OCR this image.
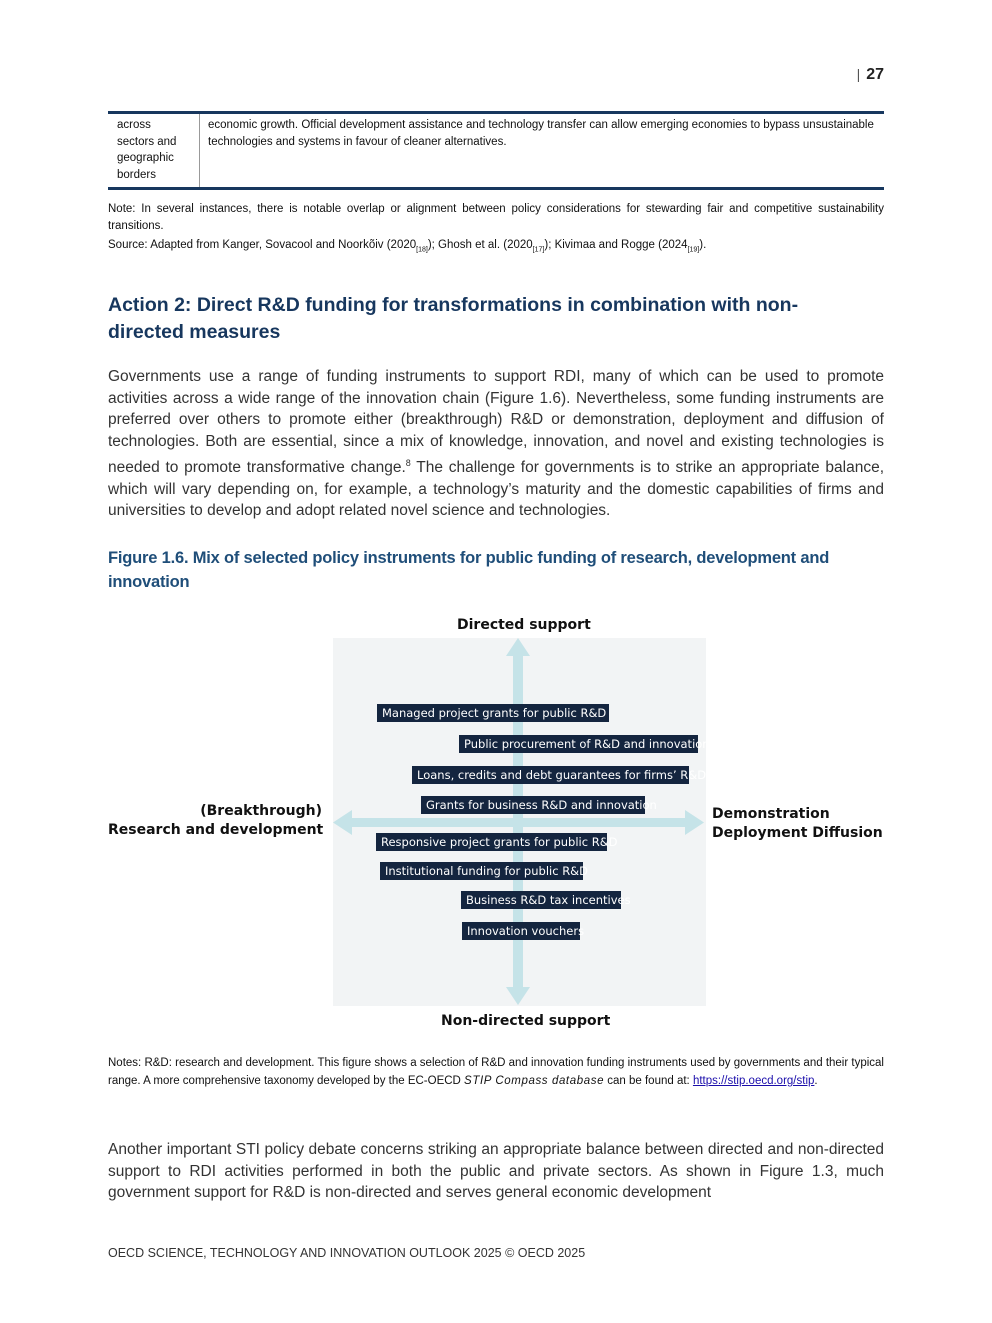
| 27
across
sectors and
geographic
borders
economic growth. Official development assistance and technology transfer can allow emerging economies to bypass unsustainable technologies and systems in favour of cleaner alternatives.
Note: In several instances, there is notable overlap or alignment between policy considerations for stewarding fair and competitive sustainability transitions.
Source: Adapted from Kanger, Sovacool and Noorkõiv $(2020_{[18]})$; Ghosh et al. $(2020_{[17]})$; Kivimaa and Rogge $(2024_{[19]})$.
Action 2: Direct R&D funding for transformations in combination with non-directed measures

Governments use a range of funding instruments to support RDI, many of which can be used to promote activities across a wide range of the innovation chain (Figure 1.6). Nevertheless, some funding instruments are preferred over others to promote either (breakthrough) R&D or demonstration, deployment and diffusion of technologies. Both are essential, since a mix of knowledge, innovation, and novel and existing technologies is needed to promote transformative change.$^8$ The challenge for governments is to strike an appropriate balance, which will vary depending on, for example, a technology’s maturity and the domestic capabilities of firms and universities to develop and adopt related novel science and technologies.

Figure 1.6. Mix of selected policy instruments for public funding of research, development and innovation

Directed support
Non-directed support
(Breakthrough)
Research and development
Demonstration
Deployment Diffusion
Managed project grants for public R&D
Public procurement of R&D and innovation
Loans, credits and debt guarantees for firms’ R&D
Grants for business R&D and innovation
Responsive project grants for public R&D
Institutional funding for public R&D
Business R&D tax incentives
Innovation vouchers
Notes: R&D: research and development. This figure shows a selection of R&D and innovation funding instruments used by governments and their typical range. A more comprehensive taxonomy developed by the EC-OECD STIP Compass database can be found at: https://stip.oecd.org/stip.

Another important STI policy debate concerns striking an appropriate balance between directed and non-directed support to RDI activities performed in both the public and private sectors. As shown in Figure 1.3, much government support for R&D is non-directed and serves general economic development

OECD SCIENCE, TECHNOLOGY AND INNOVATION OUTLOOK 2025 © OECD 2025
